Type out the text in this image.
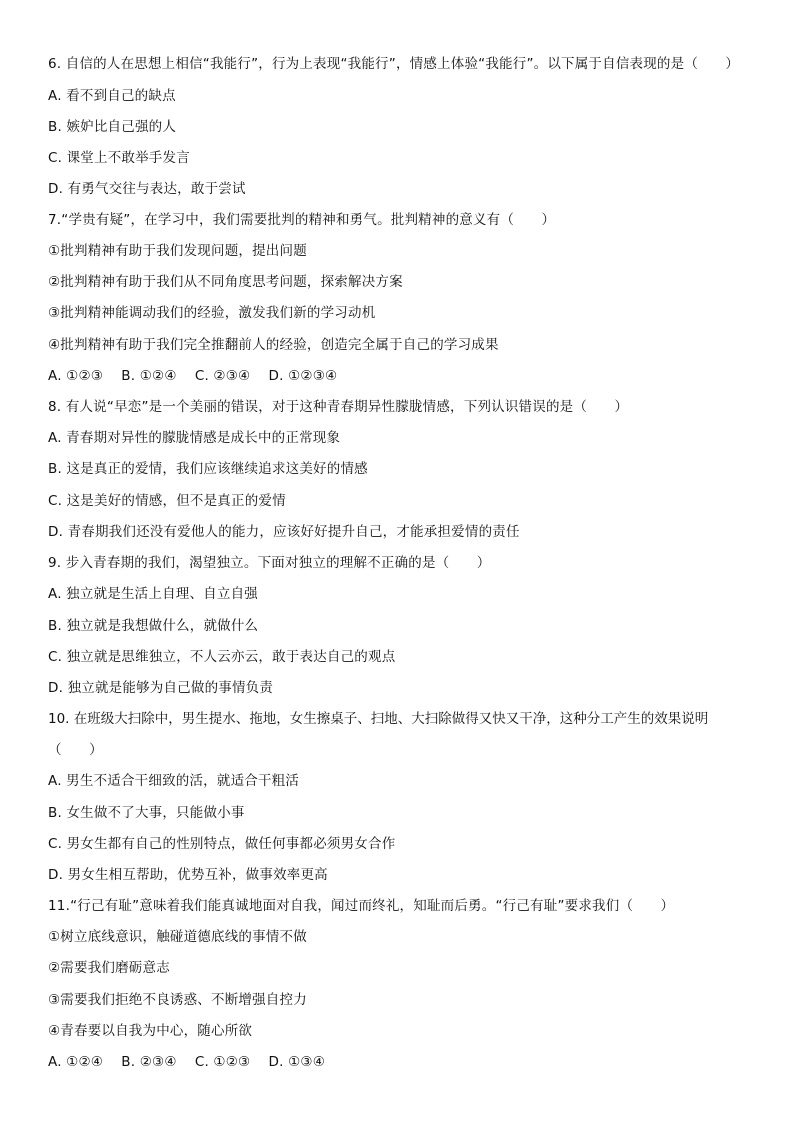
6. 自信的人在思想上相信“我能行”，行为上表现“我能行”，情感上体验“我能行”。以下属于自信表现的是（　　）
A. 看不到自己的缺点
B. 嫉妒比自己强的人
C. 课堂上不敢举手发言
D. 有勇气交往与表达，敢于尝试
7.“学贵有疑”，在学习中，我们需要批判的精神和勇气。批判精神的意义有（　　）
①批判精神有助于我们发现问题，提出问题
②批判精神有助于我们从不同角度思考问题，探索解决方案
③批判精神能调动我们的经验，激发我们新的学习动机
④批判精神有助于我们完全推翻前人的经验，创造完全属于自己的学习成果
A. ①②③　 B. ①②④　 C. ②③④　 D. ①②③④
8. 有人说“早恋”是一个美丽的错误，对于这种青春期异性朦胧情感，下列认识错误的是（　　）
A. 青春期对异性的朦胧情感是成长中的正常现象
B. 这是真正的爱情，我们应该继续追求这美好的情感
C. 这是美好的情感，但不是真正的爱情
D. 青春期我们还没有爱他人的能力，应该好好提升自己，才能承担爱情的责任
9. 步入青春期的我们，渴望独立。下面对独立的理解不正确的是（　　）
A. 独立就是生活上自理、自立自强
B. 独立就是我想做什么，就做什么
C. 独立就是思维独立，不人云亦云，敢于表达自己的观点
D. 独立就是能够为自己做的事情负责
10. 在班级大扫除中，男生提水、拖地，女生擦桌子、扫地、大扫除做得又快又干净，这种分工产生的效果说明
（　　）
A. 男生不适合干细致的活，就适合干粗活
B. 女生做不了大事，只能做小事
C. 男女生都有自己的性别特点，做任何事都必须男女合作
D. 男女生相互帮助，优势互补，做事效率更高
11.“行己有耻”意味着我们能真诚地面对自我，闻过而终礼，知耻而后勇。“行己有耻”要求我们（　　）
①树立底线意识，触碰道德底线的事情不做
②需要我们磨砺意志
③需要我们拒绝不良诱惑、不断增强自控力
④青春要以自我为中心，随心所欲
A. ①②④　 B. ②③④　 C. ①②③　 D. ①③④
